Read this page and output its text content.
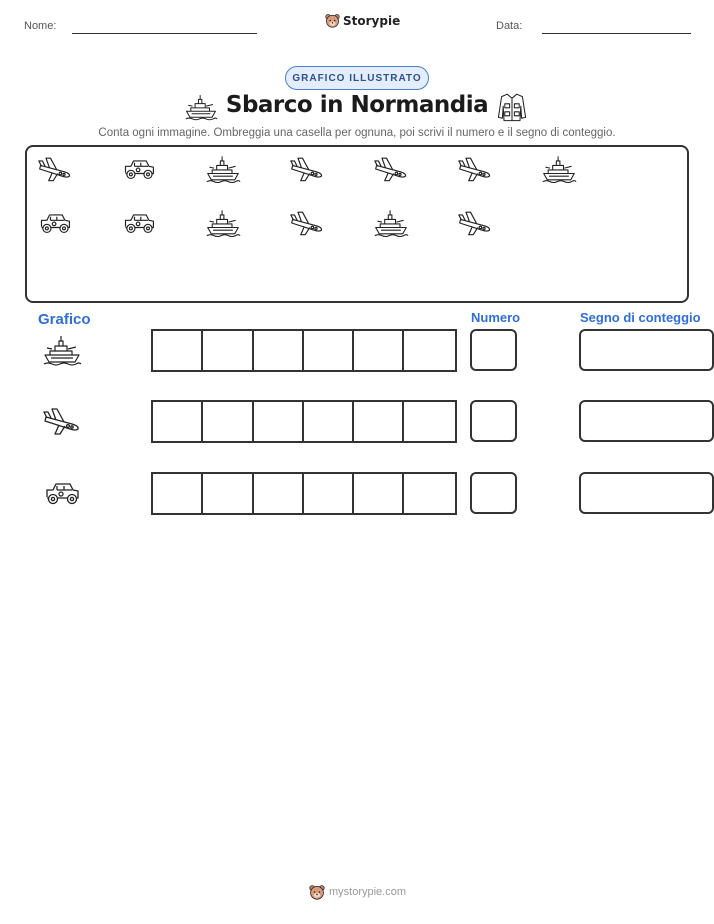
Nome:	Storypie	Data:
GRAFICO ILLUSTRATO
Sbarco in Normandia
Conta ogni immagine. Ombreggia una casella per ognuna, poi scrivi il numero e il segno di conteggio.
Grafico	Numero	Segno di conteggio
mystorypie.com
